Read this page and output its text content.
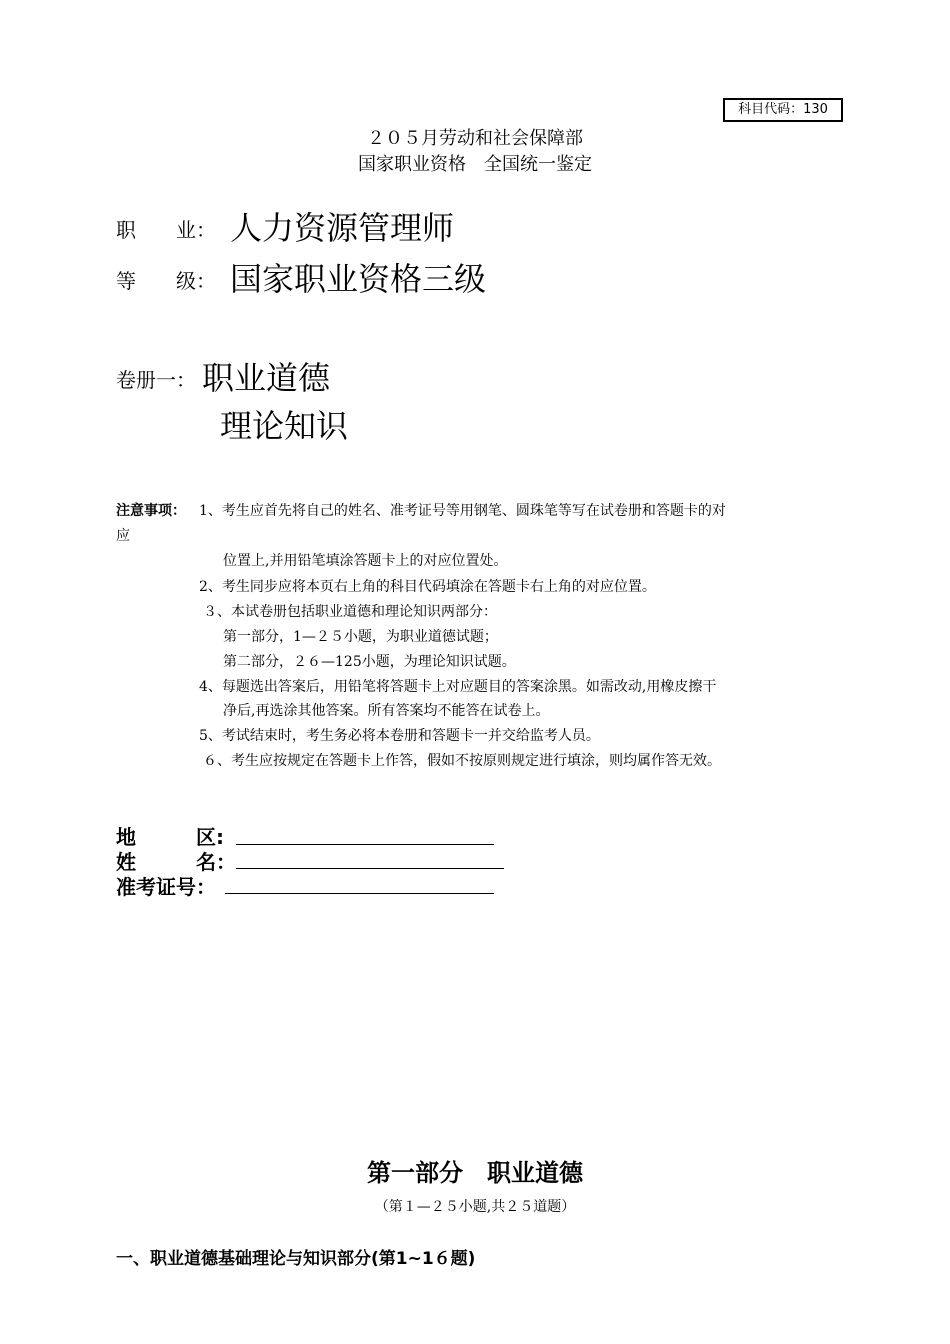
科目代码：130
２０５月劳动和社会保障部
国家职业资格　全国统一鉴定
职　　业： 人力资源管理师
等　　级： 国家职业资格三级
卷册一： 职业道德
理论知识
注意事项： 1、考生应首先将自己的姓名、准考证号等用钢笔、圆珠笔等写在试卷册和答题卡的对
应
位置上,并用铅笔填涂答题卡上的对应位置处。
2、考生同步应将本页右上角的科目代码填涂在答题卡右上角的对应位置。
３、本试卷册包括职业道德和理论知识两部分：
第一部分，1—２５小题，为职业道德试题；
第二部分，２６—125小题，为理论知识试题。
4、每题选出答案后，用铅笔将答题卡上对应题目的答案涂黑。如需改动,用橡皮擦干
净后,再选涂其他答案。所有答案均不能答在试卷上。
5、考试结束时，考生务必将本卷册和答题卡一并交给监考人员。
６、考生应按规定在答题卡上作答，假如不按原则规定进行填涂，则均属作答无效。
地　　　区:
姓　　　名：
准考证号：
第一部分　职业道德
（第１—２５小题,共２５道题）
一、职业道德基础理论与知识部分(第1~1６题)
